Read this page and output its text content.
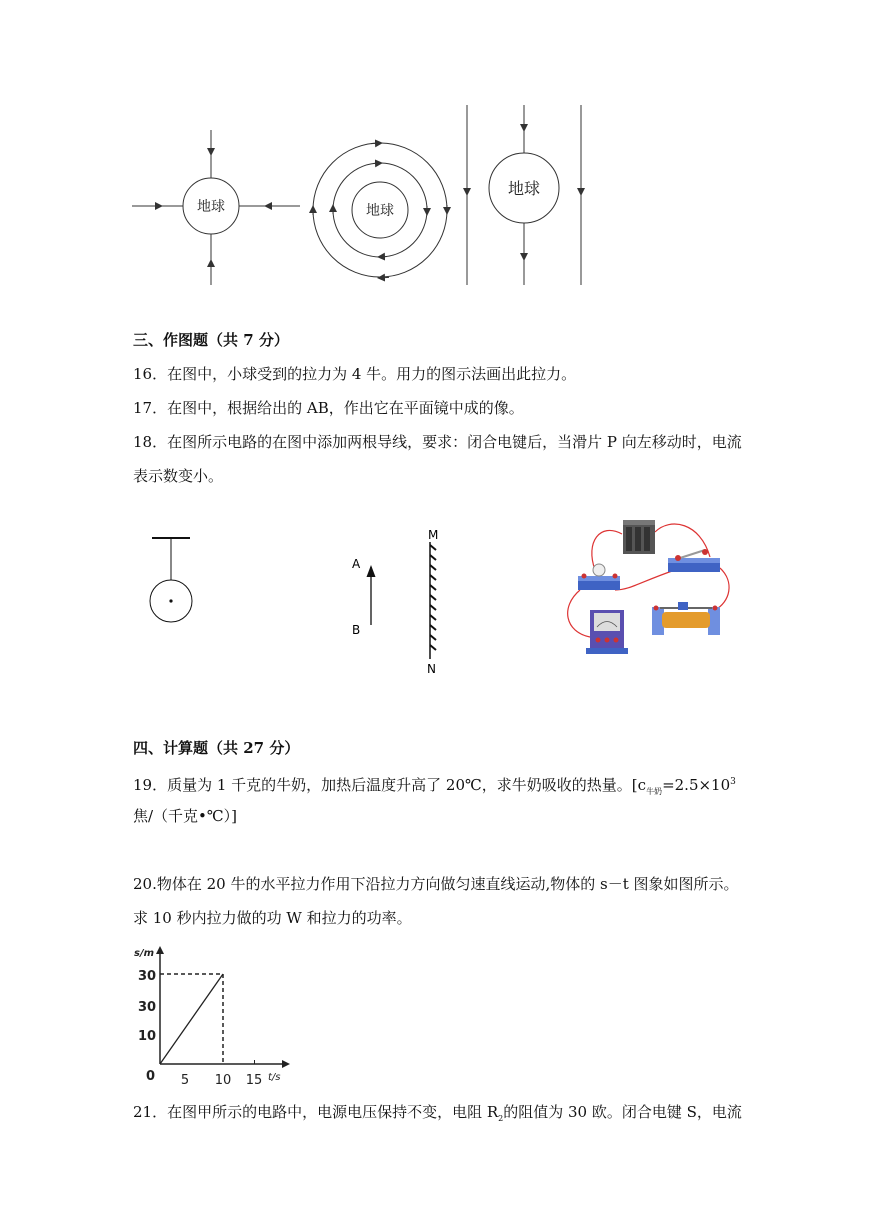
地球	地球
地球
三、作图题（共 7 分）
16．在图中，小球受到的拉力为 4 牛。用力的图示法画出此拉力。
17．在图中，根据给出的 AB，作出它在平面镜中成的像。
18．在图所示电路的在图中添加两根导线，要求：闭合电键后，当滑片 P 向左移动时，电流
表示数变小。
A
B
M
N
四、计算题（共 27 分）
19．质量为 1 千克的牛奶，加热后温度升高了 20℃，求牛奶吸收的热量。[$c_{牛奶}=2.5\times 10^3$
焦/（千克•℃）]
20.物体在 20 牛的水平拉力作用下沿拉力方向做匀速直线运动,物体的 s－t 图象如图所示。
求 10 秒内拉力做的功 W 和拉力的功率。
s/m
t/s
0 5 10 15
30
30
10
21．在图甲所示的电路中，电源电压保持不变，电阻 $R_2$的阻值为 30 欧。闭合电键 S，电流
